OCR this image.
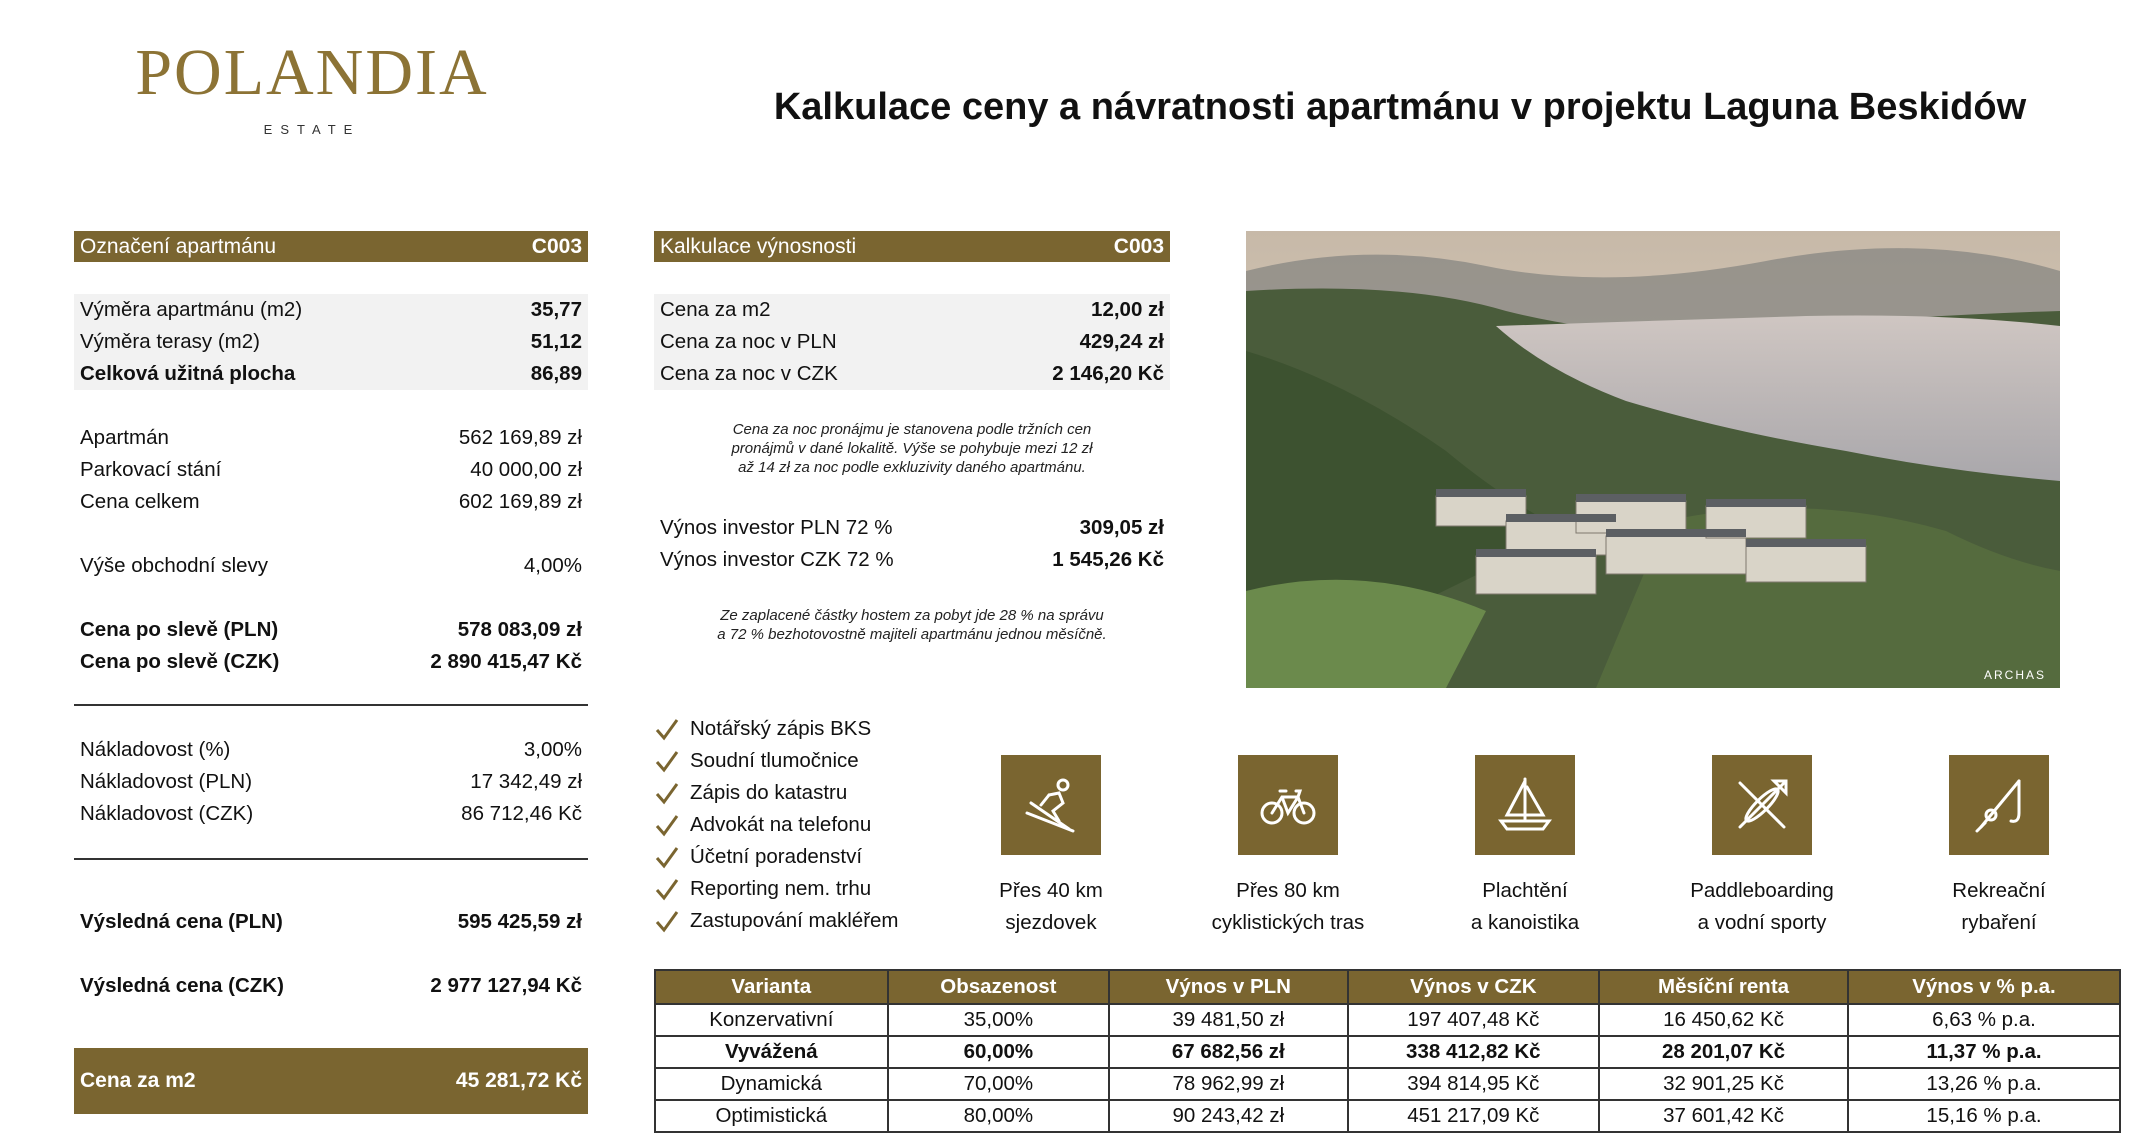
POLANDIA
ESTATE
Kalkulace ceny a návratnosti apartmánu v projektu Laguna Beskidów
Označení apartmánu	C003
Výměra apartmánu (m2)	35,77
Výměra terasy (m2)	51,12
Celková užitná plocha	86,89
Apartmán	562 169,89 zł
Parkovací stání	40 000,00 zł
Cena celkem	602 169,89 zł
Výše obchodní slevy	4,00%
Cena po slevě (PLN)	578 083,09 zł
Cena po slevě (CZK)	2 890 415,47 Kč
Nákladovost (%)	3,00%
Nákladovost (PLN)	17 342,49 zł
Nákladovost (CZK)	86 712,46 Kč
Výsledná cena (PLN)	595 425,59 zł
Výsledná cena (CZK)	2 977 127,94 Kč
Cena za m2	45 281,72 Kč
Kalkulace výnosnosti	C003
Cena za m2	12,00 zł
Cena za noc v PLN	429,24 zł
Cena za noc v CZK	2 146,20 Kč
Cena za noc pronájmu je stanovena podle tržních cen
pronájmů v dané lokalitě. Výše se pohybuje mezi 12 zł
až 14 zł za noc podle exkluzivity daného apartmánu.
Výnos investor PLN 72 %	309,05 zł
Výnos investor CZK 72 %	1 545,26 Kč
Ze zaplacené částky hostem za pobyt jde 28 % na správu
a 72 % bezhotovostně majiteli apartmánu jednou měsíčně.
ARCHAS
Notářský zápis BKS
Soudní tlumočnice
Zápis do katastru
Advokát na telefonu
Účetní poradenství
Reporting nem. trhu
Zastupování makléřem
Přes 40 km
sjezdovek
Přes 80 km
cyklistických tras
Plachtění
a kanoistika
Paddleboarding
a vodní sporty
Rekreační
rybaření
Varianta	Obsazenost	Výnos v PLN	Výnos v CZK	Měsíční renta	Výnos v % p.a.
Konzervativní	35,00%	39 481,50 zł	197 407,48 Kč	16 450,62 Kč	6,63 % p.a.
Vyvážená	60,00%	67 682,56 zł	338 412,82 Kč	28 201,07 Kč	11,37 % p.a.
Dynamická	70,00%	78 962,99 zł	394 814,95 Kč	32 901,25 Kč	13,26 % p.a.
Optimistická	80,00%	90 243,42 zł	451 217,09 Kč	37 601,42 Kč	15,16 % p.a.
